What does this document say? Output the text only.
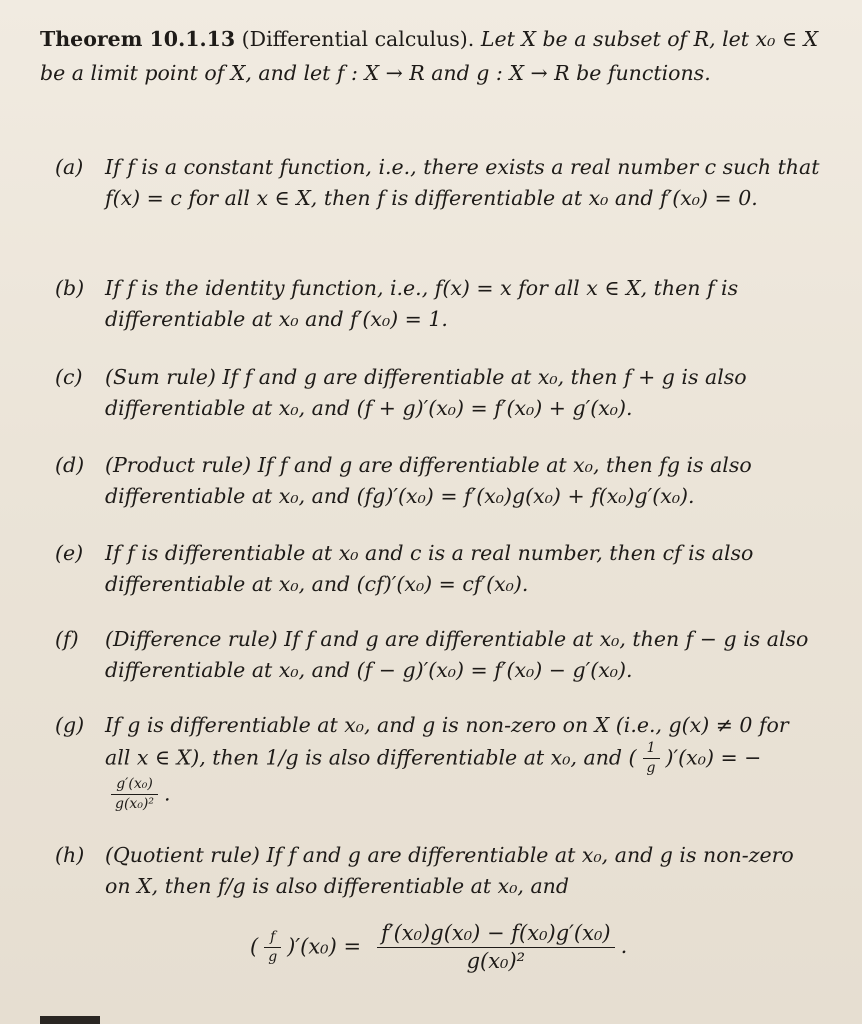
Theorem 10.1.13 (Differential calculus). Let X be a subset of R, let x₀ ∈ X be a limit point of X, and let f : X → R and g : X → R be functions.
(a) If f is a constant function, i.e., there exists a real number c such that f(x) = c for all x ∈ X, then f is differentiable at x₀ and f′(x₀) = 0.
(b) If f is the identity function, i.e., f(x) = x for all x ∈ X, then f is differentiable at x₀ and f′(x₀) = 1.
(c) (Sum rule) If f and g are differentiable at x₀, then f + g is also differentiable at x₀, and (f + g)′(x₀) = f′(x₀) + g′(x₀).
(d) (Product rule) If f and g are differentiable at x₀, then fg is also differentiable at x₀, and (fg)′(x₀) = f′(x₀)g(x₀) + f(x₀)g′(x₀).
(e) If f is differentiable at x₀ and c is a real number, then cf is also differentiable at x₀, and (cf)′(x₀) = cf′(x₀).
(f) (Difference rule) If f and g are differentiable at x₀, then f − g is also differentiable at x₀, and (f − g)′(x₀) = f′(x₀) − g′(x₀).
(g) If g is differentiable at x₀, and g is non-zero on X (i.e., g(x) ≠ 0 for all x ∈ X), then 1/g is also differentiable at x₀, and ( $\frac{1}{g} )'(x_0)$ = −
$\frac{\text{g′(x₀)}}{\text{g(x₀)²}}$ .
(h) (Quotient rule) If f and g are differentiable at x₀, and g is non-zero on X, then f/g is also differentiable at x₀, and
( $\frac{f}{g} )'(x_0) = \frac{\text{f′(x₀)g(x₀) − f(x₀)g′(x₀)}}{\text{g(x₀)²}}$ .
